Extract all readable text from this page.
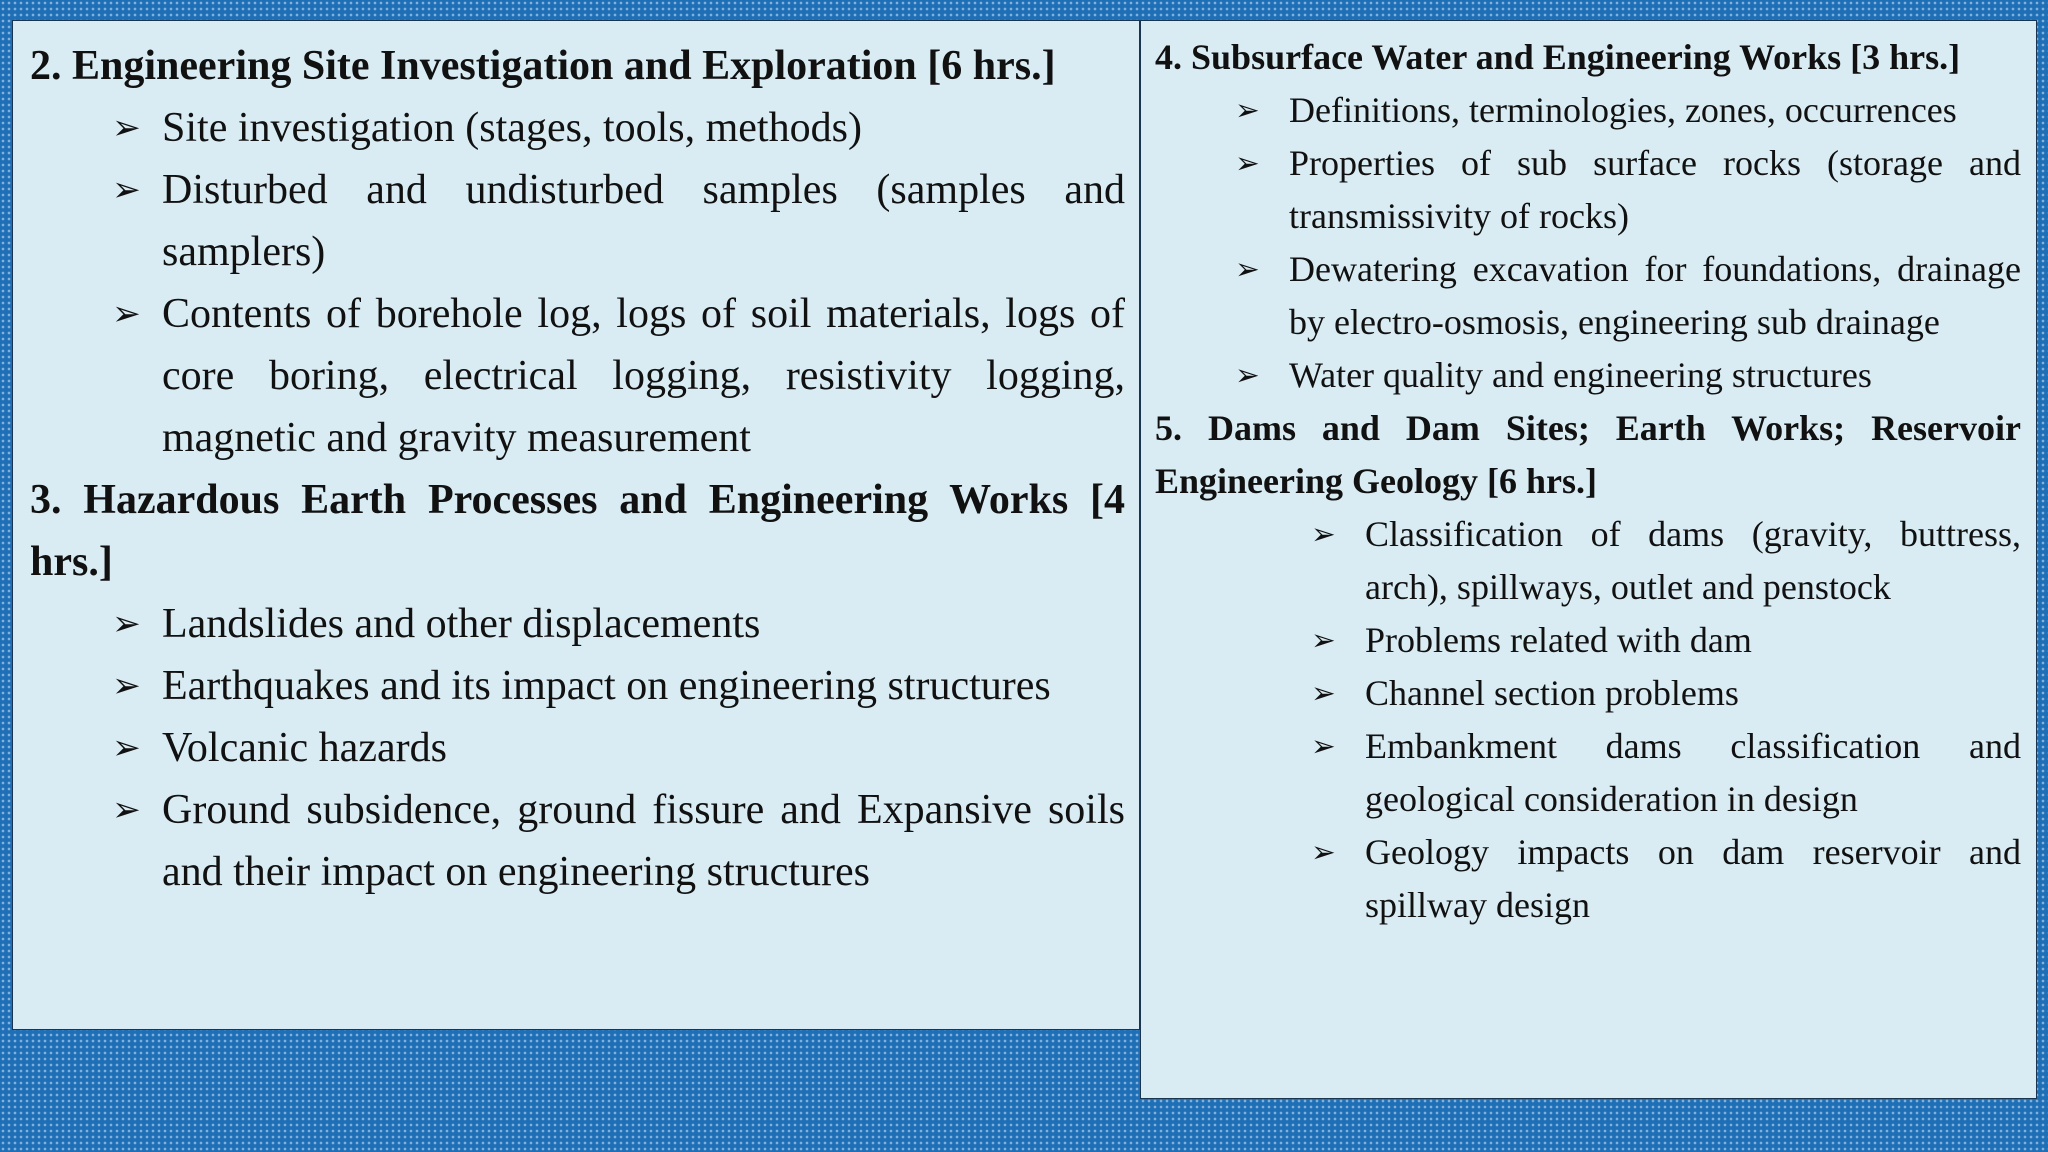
2. Engineering Site Investigation and Exploration [6 hrs.]

➢ Site investigation (stages, tools, methods)
➢ Disturbed and undisturbed samples (samples and samplers)
➢ Contents of borehole log, logs of soil materials, logs of core boring, electrical logging, resistivity logging, magnetic and gravity measurement

3. Hazardous Earth Processes and Engineering Works [4 hrs.]

➢ Landslides and other displacements
➢ Earthquakes and its impact on engineering structures
➢ Volcanic hazards
➢ Ground subsidence, ground fissure and Expansive soils and their impact on engineering structures

4. Subsurface Water and Engineering Works [3 hrs.]

➢ Definitions, terminologies, zones, occurrences
➢ Properties of sub surface rocks (storage and transmissivity of rocks)
➢ Dewatering excavation for foundations, drainage by electro-osmosis, engineering sub drainage
➢ Water quality and engineering structures

5. Dams and Dam Sites; Earth Works; Reservoir Engineering Geology [6 hrs.]

➢ Classification of dams (gravity, buttress, arch), spillways, outlet and penstock
➢ Problems related with dam
➢ Channel section problems
➢ Embankment dams classification and geological consideration in design
➢ Geology impacts on dam reservoir and spillway design
